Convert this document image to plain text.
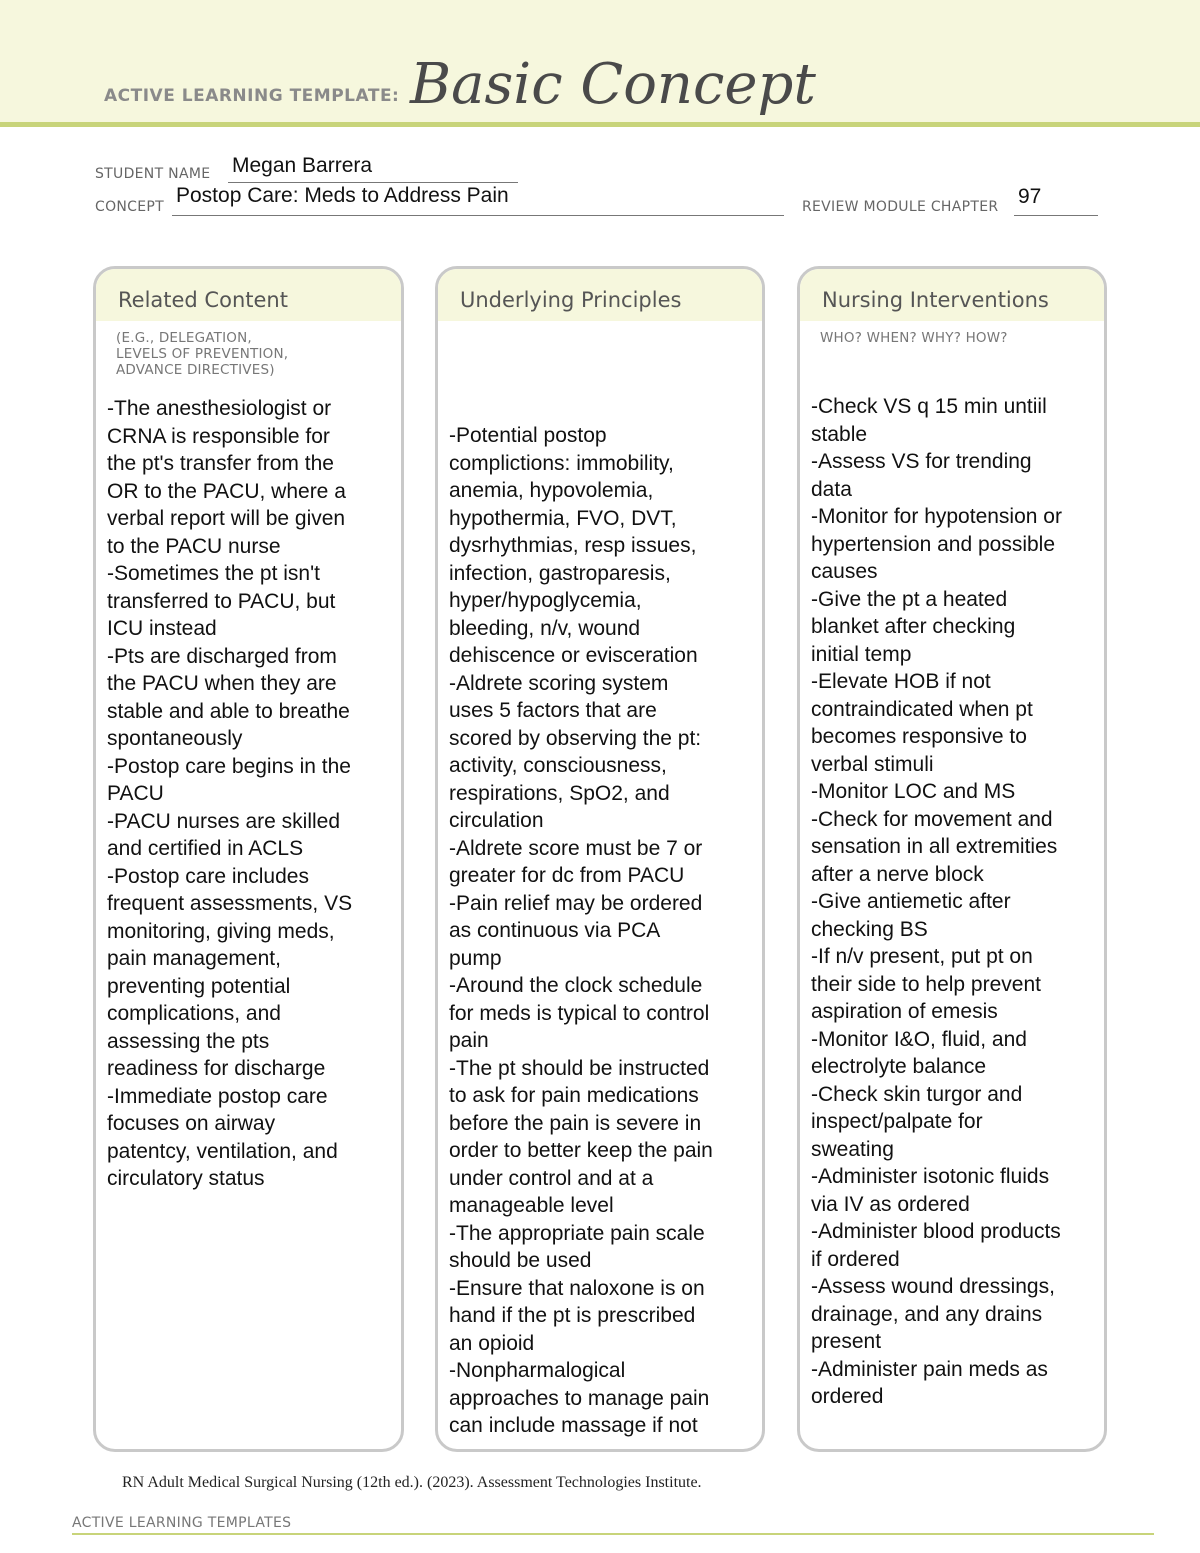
ACTIVE LEARNING TEMPLATE: Basic Concept
STUDENT NAME Megan Barrera
CONCEPT Postop Care: Meds to Address Pain	REVIEW MODULE CHAPTER 97
Related Content
(E.G., DELEGATION,
LEVELS OF PREVENTION,
ADVANCE DIRECTIVES)
-The anesthesiologist or
CRNA is responsible for
the pt's transfer from the
OR to the PACU, where a
verbal report will be given
to the PACU nurse
-Sometimes the pt isn't
transferred to PACU, but
ICU instead
-Pts are discharged from
the PACU when they are
stable and able to breathe
spontaneously
-Postop care begins in the
PACU
-PACU nurses are skilled
and certified in ACLS
-Postop care includes
frequent assessments, VS
monitoring, giving meds,
pain management,
preventing potential
complications, and
assessing the pts
readiness for discharge
-Immediate postop care
focuses on airway
patentcy, ventilation, and
circulatory status
Underlying Principles
-Potential postop
complictions: immobility,
anemia, hypovolemia,
hypothermia, FVO, DVT,
dysrhythmias, resp issues,
infection, gastroparesis,
hyper/hypoglycemia,
bleeding, n/v, wound
dehiscence or evisceration
-Aldrete scoring system
uses 5 factors that are
scored by observing the pt:
activity, consciousness,
respirations, SpO2, and
circulation
-Aldrete score must be 7 or
greater for dc from PACU
-Pain relief may be ordered
as continuous via PCA
pump
-Around the clock schedule
for meds is typical to control
pain
-The pt should be instructed
to ask for pain medications
before the pain is severe in
order to better keep the pain
under control and at a
manageable level
-The appropriate pain scale
should be used
-Ensure that naloxone is on
hand if the pt is prescribed
an opioid
-Nonpharmalogical
approaches to manage pain
can include massage if not
Nursing Interventions
WHO? WHEN? WHY? HOW?
-Check VS q 15 min untiil
stable
-Assess VS for trending
data
-Monitor for hypotension or
hypertension and possible
causes
-Give the pt a heated
blanket after checking
initial temp
-Elevate HOB if not
contraindicated when pt
becomes responsive to
verbal stimuli
-Monitor LOC and MS
-Check for movement and
sensation in all extremities
after a nerve block
-Give antiemetic after
checking BS
-If n/v present, put pt on
their side to help prevent
aspiration of emesis
-Monitor I&O, fluid, and
electrolyte balance
-Check skin turgor and
inspect/palpate for
sweating
-Administer isotonic fluids
via IV as ordered
-Administer blood products
if ordered
-Assess wound dressings,
drainage, and any drains
present
-Administer pain meds as
ordered
RN Adult Medical Surgical Nursing (12th ed.). (2023). Assessment Technologies Institute.
ACTIVE LEARNING TEMPLATES
